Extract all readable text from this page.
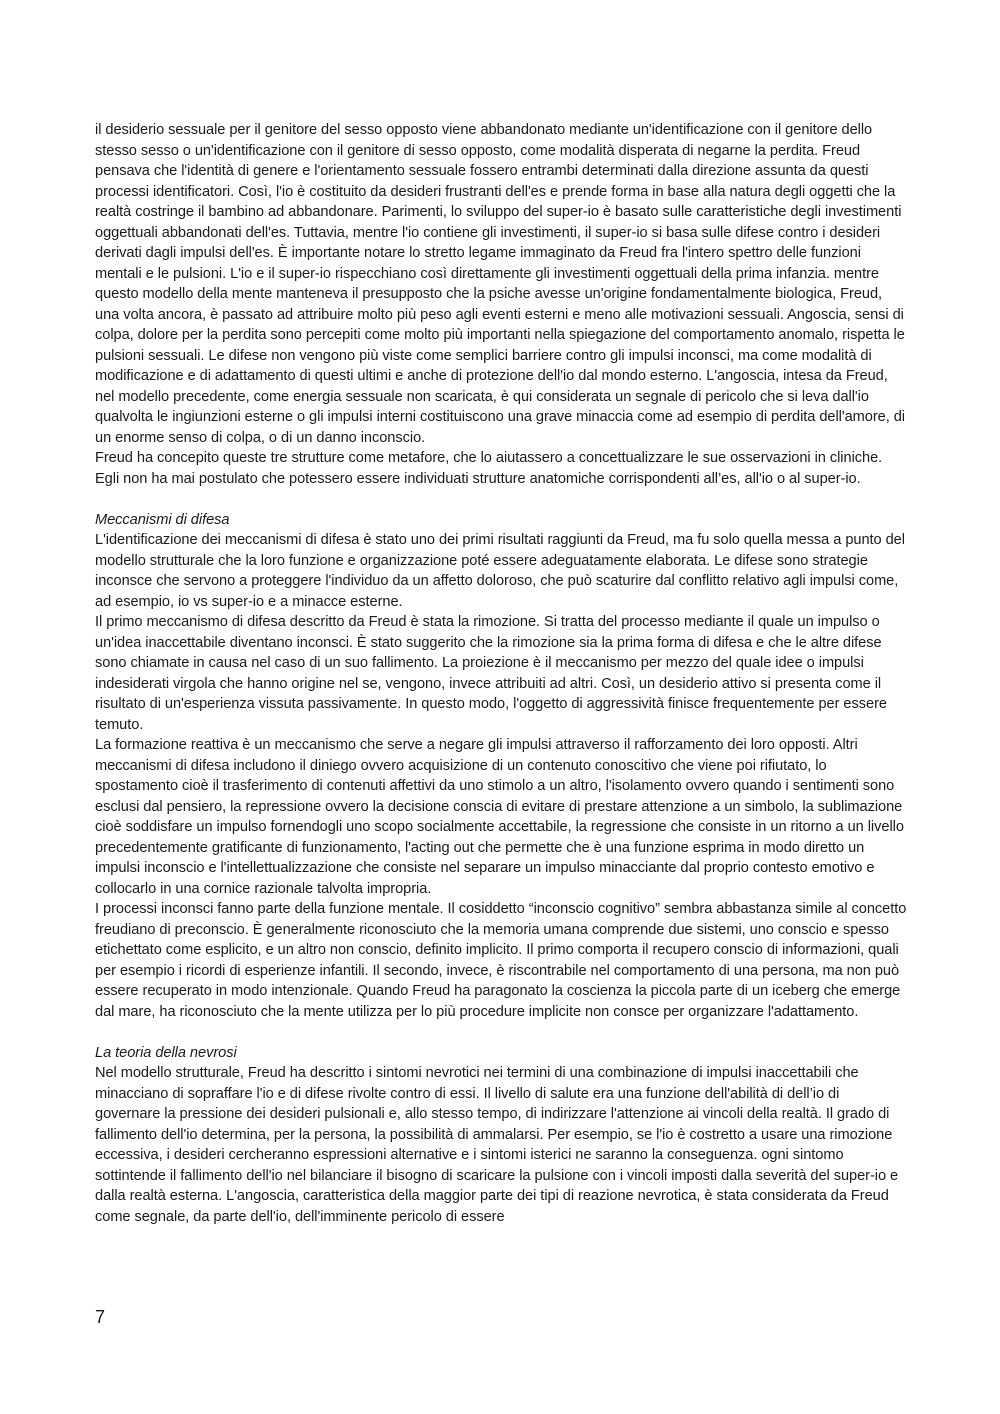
il desiderio sessuale per il genitore del sesso opposto viene abbandonato mediante un'identificazione con il genitore dello stesso sesso o un'identificazione con il genitore di sesso opposto, come modalità disperata di negarne la perdita. Freud pensava che l'identità di genere e l'orientamento sessuale fossero entrambi determinati dalla direzione assunta da questi processi identificatori. Così, l'io è costituito da desideri frustranti dell'es e prende forma in base alla natura degli oggetti che la realtà costringe il bambino ad abbandonare. Parimenti, lo sviluppo del super-io è basato sulle caratteristiche degli investimenti oggettuali abbandonati dell'es. Tuttavia, mentre l'io contiene gli investimenti, il super-io si basa sulle difese contro i desideri derivati dagli impulsi dell'es. È importante notare lo stretto legame immaginato da Freud fra l'intero spettro delle funzioni mentali e le pulsioni. L'io e il super-io rispecchiano così direttamente gli investimenti oggettuali della prima infanzia. mentre questo modello della mente manteneva il presupposto che la psiche avesse un'origine fondamentalmente biologica, Freud, una volta ancora, è passato ad attribuire molto più peso agli eventi esterni e meno alle motivazioni sessuali. Angoscia, sensi di colpa, dolore per la perdita sono percepiti come molto più importanti nella spiegazione del comportamento anomalo, rispetta le pulsioni sessuali. Le difese non vengono più viste come semplici barriere contro gli impulsi inconsci, ma come modalità di modificazione e di adattamento di questi ultimi e anche di protezione dell'io dal mondo esterno. L'angoscia, intesa da Freud, nel modello precedente, come energia sessuale non scaricata, è qui considerata un segnale di pericolo che si leva dall'io qualvolta le ingiunzioni esterne o gli impulsi interni costituiscono una grave minaccia come ad esempio di perdita dell'amore, di un enorme senso di colpa, o di un danno inconscio.

Freud ha concepito queste tre strutture come metafore, che lo aiutassero a concettualizzare le sue osservazioni in cliniche. Egli non ha mai postulato che potessero essere individuati strutture anatomiche corrispondenti all’es, all'io o al super-io.

Meccanismi di difesa

L'identificazione dei meccanismi di difesa è stato uno dei primi risultati raggiunti da Freud, ma fu solo quella messa a punto del modello strutturale che la loro funzione e organizzazione poté essere adeguatamente elaborata. Le difese sono strategie inconsce che servono a proteggere l'individuo da un affetto doloroso, che può scaturire dal conflitto relativo agli impulsi come, ad esempio, io vs super-io e a minacce esterne.

Il primo meccanismo di difesa descritto da Freud è stata la rimozione. Si tratta del processo mediante il quale un impulso o un'idea inaccettabile diventano inconsci. È stato suggerito che la rimozione sia la prima forma di difesa e che le altre difese sono chiamate in causa nel caso di un suo fallimento. La proiezione è il meccanismo per mezzo del quale idee o impulsi indesiderati virgola che hanno origine nel se, vengono, invece attribuiti ad altri. Così, un desiderio attivo si presenta come il risultato di un'esperienza vissuta passivamente. In questo modo, l'oggetto di aggressività finisce frequentemente per essere temuto.

La formazione reattiva è un meccanismo che serve a negare gli impulsi attraverso il rafforzamento dei loro opposti. Altri meccanismi di difesa includono il diniego ovvero acquisizione di un contenuto conoscitivo che viene poi rifiutato, lo spostamento cioè il trasferimento di contenuti affettivi da uno stimolo a un altro, l'isolamento ovvero quando i sentimenti sono esclusi dal pensiero, la repressione ovvero la decisione conscia di evitare di prestare attenzione a un simbolo, la sublimazione cioè soddisfare un impulso fornendogli uno scopo socialmente accettabile, la regressione che consiste in un ritorno a un livello precedentemente gratificante di funzionamento, l'acting out che permette che è una funzione esprima in modo diretto un impulsi inconscio e l'intellettualizzazione che consiste nel separare un impulso minacciante dal proprio contesto emotivo e collocarlo in una cornice razionale talvolta impropria.

I processi inconsci fanno parte della funzione mentale. Il cosiddetto “inconscio cognitivo” sembra abbastanza simile al concetto freudiano di preconscio. È generalmente riconosciuto che la memoria umana comprende due sistemi, uno conscio e spesso etichettato come esplicito, e un altro non conscio, definito implicito. Il primo comporta il recupero conscio di informazioni, quali per esempio i ricordi di esperienze infantili. Il secondo, invece, è riscontrabile nel comportamento di una persona, ma non può essere recuperato in modo intenzionale. Quando Freud ha paragonato la coscienza la piccola parte di un iceberg che emerge dal mare, ha riconosciuto che la mente utilizza per lo più procedure implicite non consce per organizzare l'adattamento.

La teoria della nevrosi

Nel modello strutturale, Freud ha descritto i sintomi nevrotici nei termini di una combinazione di impulsi inaccettabili che minacciano di sopraffare l'io e di difese rivolte contro di essi. Il livello di salute era una funzione dell'abilità di dell’io di governare la pressione dei desideri pulsionali e, allo stesso tempo, di indirizzare l'attenzione ai vincoli della realtà. Il grado di fallimento dell'io determina, per la persona, la possibilità di ammalarsi. Per esempio, se l'io è costretto a usare una rimozione eccessiva, i desideri cercheranno espressioni alternative e i sintomi isterici ne saranno la conseguenza. ogni sintomo sottintende il fallimento dell'io nel bilanciare il bisogno di scaricare la pulsione con i vincoli imposti dalla severità del super-io e dalla realtà esterna. L'angoscia, caratteristica della maggior parte dei tipi di reazione nevrotica, è stata considerata da Freud come segnale, da parte dell'io, dell'imminente pericolo di essere

7
